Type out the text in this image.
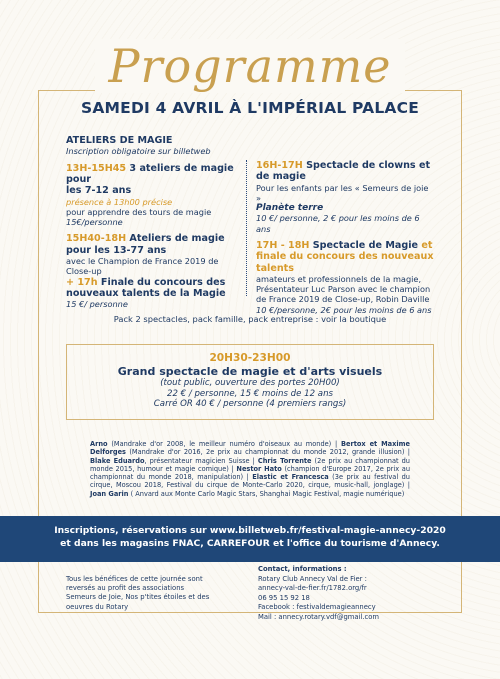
Programme
SAMEDI 4 AVRIL À L'IMPÉRIAL PALACE
ATELIERS DE MAGIE
Inscription obligatoire sur billetweb
13H-15H45 3 ateliers de magie pour
les 7-12 ans
présence à 13h00 précise
pour apprendre des tours de magie
15€/personne
15H40-18H Ateliers de magie
pour les 13-77 ans
avec le Champion de France 2019 de Close-up
+ 17h Finale du concours des nouveaux talents de la Magie
15 €/ personne
16H-17H Spectacle de clowns et de magie
Pour les enfants par les « Semeurs de joie »
Planète terre
10 €/ personne, 2 € pour les moins de 6 ans
17H - 18H Spectacle de Magie et finale du concours des nouveaux talents
amateurs et professionnels de la magie, Présentateur Luc Parson avec le champion de France 2019 de Close-up, Robin Daville
10 €/personne, 2€ pour les moins de 6 ans
Pack 2 spectacles, pack famille, pack entreprise : voir la boutique
20H30-23H00
Grand spectacle de magie et d'arts visuels
(tout public, ouverture des portes 20H00)
22 € / personne, 15 € moins de 12 ans
Carré OR 40 € / personne (4 premiers rangs)
Arno (Mandrake d'or 2008, le meilleur numéro d'oiseaux au monde) | Bertox et Maxime Delforges (Mandrake d'or 2016, 2e prix au championnat du monde 2012, grande illusion) | Blake Eduardo, présentateur magicien Suisse | Chris Torrente (2e prix au championnat du monde 2015, humour et magie comique) | Nestor Hato (champion d'Europe 2017, 2e prix au championnat du monde 2018, manipulation) | Elastic et Francesca (3e prix au festival du cirque, Moscou 2018, Festival du cirque de Monte-Carlo 2020, cirque, music-hall, jonglage) | Joan Garin ( Anvard aux Monte Carlo Magic Stars, Shanghai Magic Festival, magie numérique)
Inscriptions, réservations sur www.billetweb.fr/festival-magie-annecy-2020
et dans les magasins FNAC, CARREFOUR et l'office du tourisme d'Annecy.
Tous les bénéfices de cette journée sont reversés au profit des associations Semeurs de Joie, Nos p'tites étoiles et des oeuvres du Rotary
Contact, informations :
Rotary Club Annecy Val de Fier :
annecy-val-de-fier.fr/1782.org/fr
06 95 15 92 18
Facebook : festivaldemagieannecy
Mail : annecy.rotary.vdf@gmail.com
